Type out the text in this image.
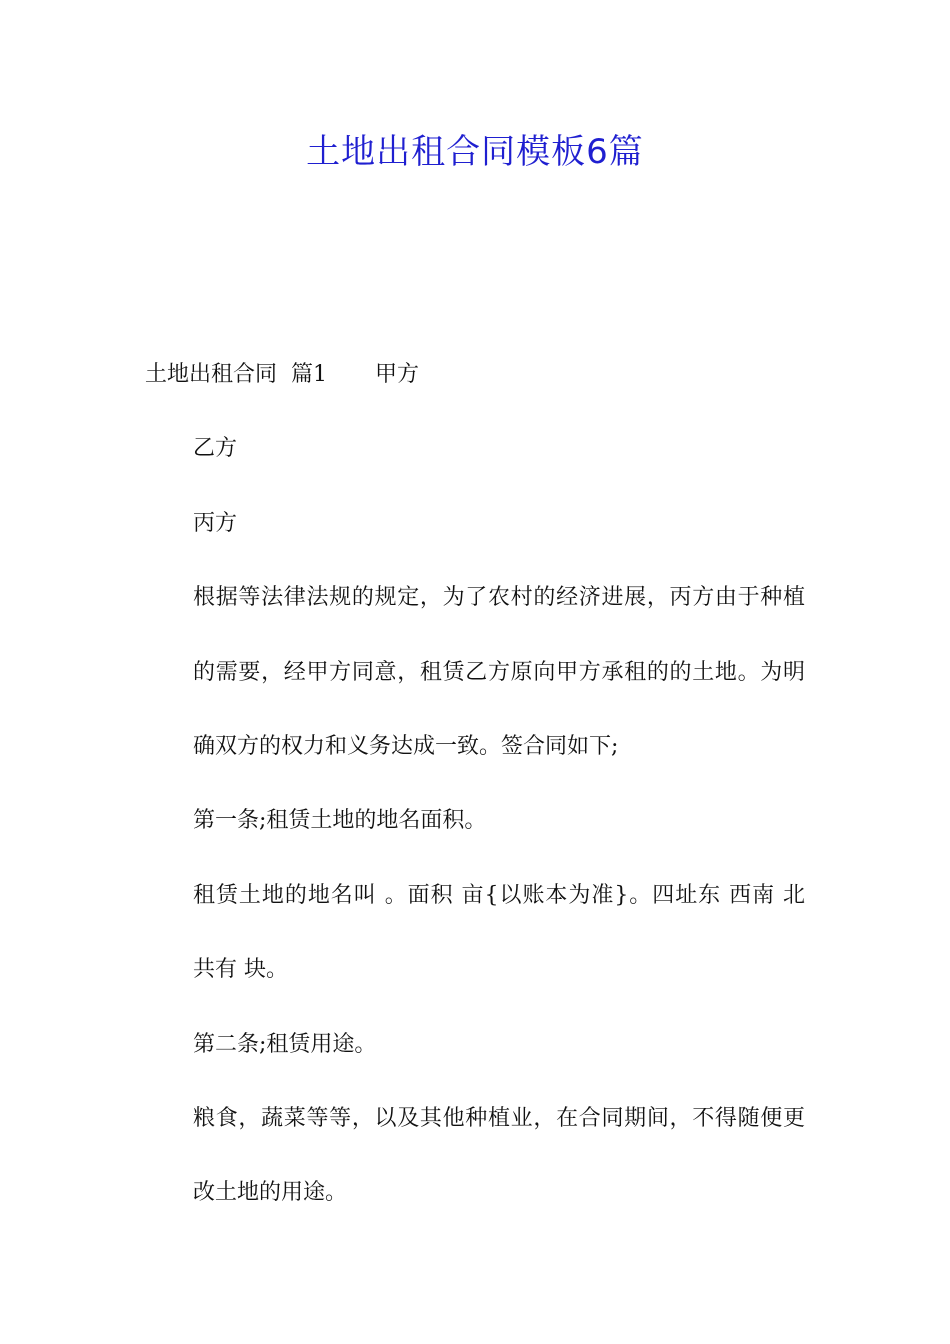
土地出租合同模板6篇

土地出租合同 篇1 甲方

乙方

丙方

根据等法律法规的规定，为了农村的经济进展，丙方由于种植的需要，经甲方同意，租赁乙方原向甲方承租的的土地。为明确双方的权力和义务达成一致。签合同如下;

第一条;租赁土地的地名面积。

租赁土地的地名叫 。面积 亩{以账本为准}。四址东 西南 北 共有 块。

第二条;租赁用途。

粮食，蔬菜等等，以及其他种植业，在合同期间，不得随便更改土地的用途。
